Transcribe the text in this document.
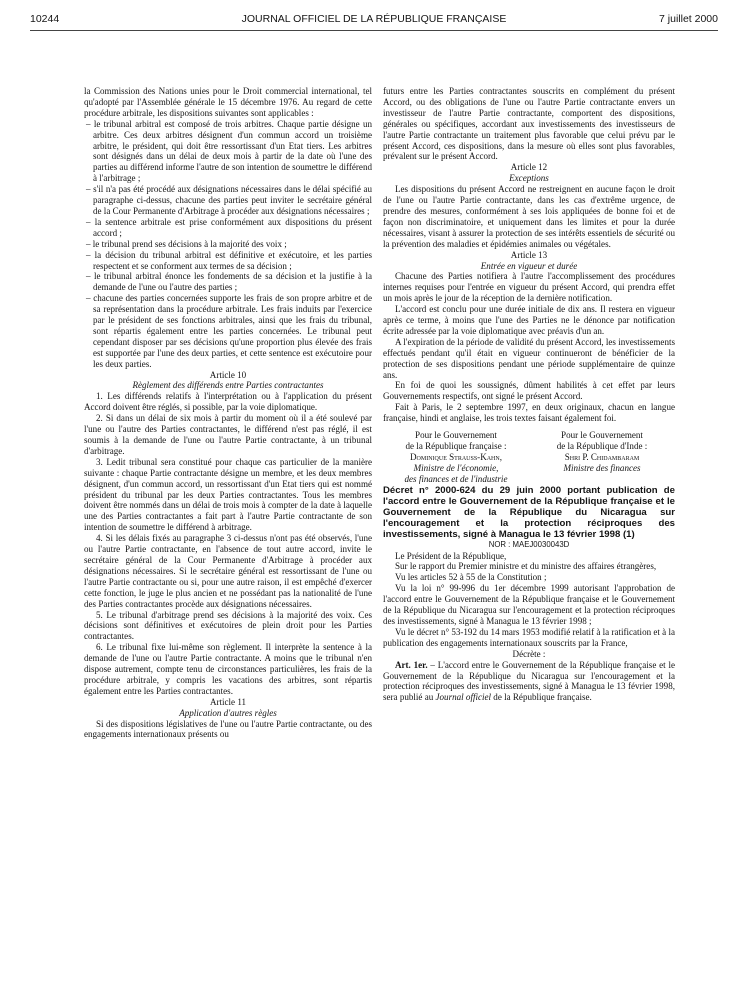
10244	JOURNAL OFFICIEL DE LA RÉPUBLIQUE FRANÇAISE	7 juillet 2000

la Commission des Nations unies pour le Droit commercial international, tel qu'adopté par l'Assemblée générale le 15 décembre 1976. Au regard de cette procédure arbitrale, les dispositions suivantes sont applicables :

– le tribunal arbitral est composé de trois arbitres. Chaque partie désigne un arbitre. Ces deux arbitres désignent d'un commun accord un troisième arbitre, le président, qui doit être ressortissant d'un Etat tiers. Les arbitres sont désignés dans un délai de deux mois à partir de la date où l'une des parties au différend informe l'autre de son intention de soumettre le différend à l'arbitrage ;

– s'il n'a pas été procédé aux désignations nécessaires dans le délai spécifié au paragraphe ci-dessus, chacune des parties peut inviter le secrétaire général de la Cour Permanente d'Arbitrage à procéder aux désignations nécessaires ;

– la sentence arbitrale est prise conformément aux dispositions du présent accord ;

– le tribunal prend ses décisions à la majorité des voix ;

– la décision du tribunal arbitral est définitive et exécutoire, et les parties respectent et se conforment aux termes de sa décision ;

– le tribunal arbitral énonce les fondements de sa décision et la justifie à la demande de l'une ou l'autre des parties ;

– chacune des parties concernées supporte les frais de son propre arbitre et de sa représentation dans la procédure arbitrale. Les frais induits par l'exercice par le président de ses fonctions arbitrales, ainsi que les frais du tribunal, sont répartis également entre les parties concernées. Le tribunal peut cependant disposer par ses décisions qu'une proportion plus élevée des frais est supportée par l'une des deux parties, et cette sentence est exécutoire pour les deux parties.

Article 10

Règlement des différends entre Parties contractantes

1. Les différends relatifs à l'interprétation ou à l'application du présent Accord doivent être réglés, si possible, par la voie diplomatique.

2. Si dans un délai de six mois à partir du moment où il a été soulevé par l'une ou l'autre des Parties contractantes, le différend n'est pas réglé, il est soumis à la demande de l'une ou l'autre Partie contractante, à un tribunal d'arbitrage.

3. Ledit tribunal sera constitué pour chaque cas particulier de la manière suivante : chaque Partie contractante désigne un membre, et les deux membres désignent, d'un commun accord, un ressortissant d'un Etat tiers qui est nommé président du tribunal par les deux Parties contractantes. Tous les membres doivent être nommés dans un délai de trois mois à compter de la date à laquelle une des Parties contractantes a fait part à l'autre Partie contractante de son intention de soumettre le différend à arbitrage.

4. Si les délais fixés au paragraphe 3 ci-dessus n'ont pas été observés, l'une ou l'autre Partie contractante, en l'absence de tout autre accord, invite le secrétaire général de la Cour Permanente d'Arbitrage à procéder aux désignations nécessaires. Si le secrétaire général est ressortissant de l'une ou l'autre Partie contractante ou si, pour une autre raison, il est empêché d'exercer cette fonction, le juge le plus ancien et ne possédant pas la nationalité de l'une des Parties contractantes procède aux désignations nécessaires.

5. Le tribunal d'arbitrage prend ses décisions à la majorité des voix. Ces décisions sont définitives et exécutoires de plein droit pour les Parties contractantes.

6. Le tribunal fixe lui-même son règlement. Il interprète la sentence à la demande de l'une ou l'autre Partie contractante. A moins que le tribunal n'en dispose autrement, compte tenu de circonstances particulières, les frais de la procédure arbitrale, y compris les vacations des arbitres, sont répartis également entre les Parties contractantes.

Article 11

Application d'autres règles

Si des dispositions législatives de l'une ou l'autre Partie contractante, ou des engagements internationaux présents ou

futurs entre les Parties contractantes souscrits en complément du présent Accord, ou des obligations de l'une ou l'autre Partie contractante envers un investisseur de l'autre Partie contractante, comportent des dispositions, générales ou spécifiques, accordant aux investissements des investisseurs de l'autre Partie contractante un traitement plus favorable que celui prévu par le présent Accord, ces dispositions, dans la mesure où elles sont plus favorables, prévalent sur le présent Accord.

Article 12

Exceptions

Les dispositions du présent Accord ne restreignent en aucune façon le droit de l'une ou l'autre Partie contractante, dans les cas d'extrême urgence, de prendre des mesures, conformément à ses lois appliquées de bonne foi et de façon non discriminatoire, et uniquement dans les limites et pour la durée nécessaires, visant à assurer la protection de ses intérêts essentiels de sécurité ou la prévention des maladies et épidémies animales ou végétales.

Article 13

Entrée en vigueur et durée

Chacune des Parties notifiera à l'autre l'accomplissement des procédures internes requises pour l'entrée en vigueur du présent Accord, qui prendra effet un mois après le jour de la réception de la dernière notification.

L'accord est conclu pour une durée initiale de dix ans. Il restera en vigueur après ce terme, à moins que l'une des Parties ne le dénonce par notification écrite adressée par la voie diplomatique avec préavis d'un an.

A l'expiration de la période de validité du présent Accord, les investissements effectués pendant qu'il était en vigueur continueront de bénéficier de la protection de ses dispositions pendant une période supplémentaire de quinze ans.

En foi de quoi les soussignés, dûment habilités à cet effet par leurs Gouvernements respectifs, ont signé le présent Accord.

Fait à Paris, le 2 septembre 1997, en deux originaux, chacun en langue française, hindi et anglaise, les trois textes faisant également foi.

Pour le Gouvernement
de la République française :
Dominique Strauss-Kahn,
Ministre de l'économie,
des finances et de l'industrie
Pour le Gouvernement
de la République d'Inde :
Shri P. Chidambaram
Ministre des finances

Décret n° 2000-624 du 29 juin 2000 portant publication de l'accord entre le Gouvernement de la République française et le Gouvernement de la République du Nicaragua sur l'encouragement et la protection réciproques des investissements, signé à Managua le 13 février 1998 (1)

NOR : MAEJ0030043D

Le Président de la République,

Sur le rapport du Premier ministre et du ministre des affaires étrangères,

Vu les articles 52 à 55 de la Constitution ;

Vu la loi n° 99-996 du 1er décembre 1999 autorisant l'approbation de l'accord entre le Gouvernement de la République française et le Gouvernement de la République du Nicaragua sur l'encouragement et la protection réciproques des investissements, signé à Managua le 13 février 1998 ;

Vu le décret n° 53-192 du 14 mars 1953 modifié relatif à la ratification et à la publication des engagements internationaux souscrits par la France,

Décrète :

Art. 1er. – L'accord entre le Gouvernement de la République française et le Gouvernement de la République du Nicaragua sur l'encouragement et la protection réciproques des investissements, signé à Managua le 13 février 1998, sera publié au Journal officiel de la République française.
